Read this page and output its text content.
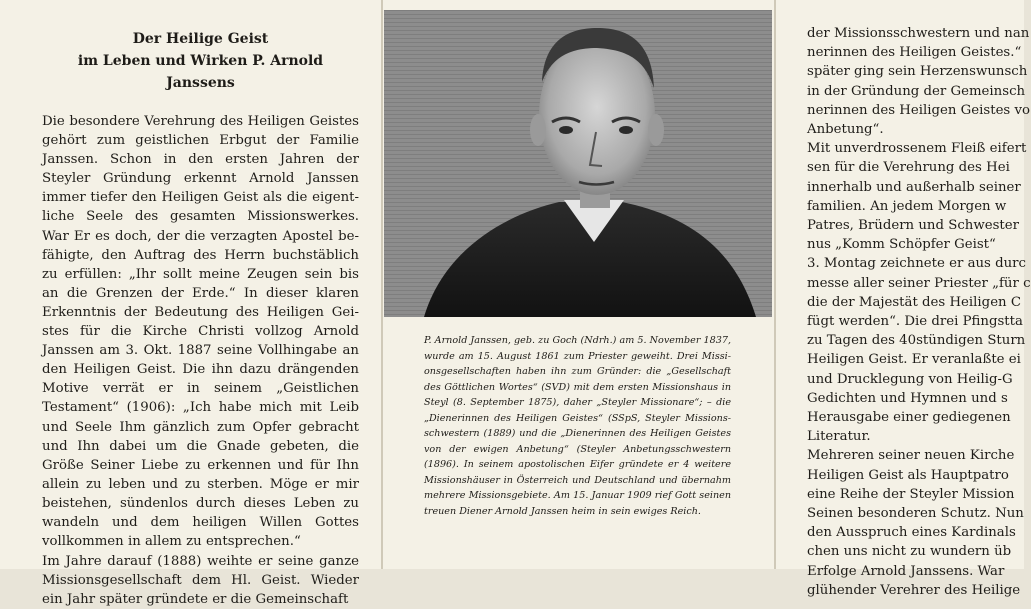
Der Heilige Geist

im Leben und Wirken P. Arnold Janssens

Die besondere Verehrung des Heiligen Geistes gehört zum geistlichen Erbgut der Familie Janssen. Schon in den ersten Jahren der Steyler Gründung erkennt Arnold Janssen immer tiefer den Heiligen Geist als die eigentliche Seele des gesamten Missionswerkes. War Er es doch, der die verzagten Apostel befähigte, den Auftrag des Herrn buchstäblich zu erfüllen: „Ihr sollt meine Zeugen sein bis an die Grenzen der Erde.“ In dieser klaren Erkenntnis der Bedeutung des Heiligen Geistes für die Kirche Christi vollzog Arnold Janssen am 3. Okt. 1887 seine Vollhingabe an den Heiligen Geist. Die ihn dazu drängenden Motive verrät er in seinem „Geistlichen Testament“ (1906): „Ich habe mich mit Leib und Seele Ihm gänzlich zum Opfer gebracht und Ihn dabei um die Gnade gebeten, die Größe Seiner Liebe zu erkennen und für Ihn allein zu leben und zu sterben. Möge er mir beistehen, sündenlos durch dieses Leben zu wandeln und dem heiligen Willen Gottes vollkommen in allem zu entsprechen.“

Im Jahre darauf (1888) weihte er seine ganze Missionsgesellschaft dem Hl. Geist. Wieder ein Jahr später gründete er die Gemeinschaft

P. Arnold Janssen, geb. zu Goch (Ndrh.) am 5. November 1837, wurde am 15. August 1861 zum Priester geweiht. Drei Missionsgesellschaften haben ihn zum Gründer: die „Gesellschaft des Göttlichen Wortes“ (SVD) mit dem ersten Missionshaus in Steyl (8. September 1875), daher „Steyler Missionare“; – die „Dienerinnen des Heiligen Geistes“ (SSpS, Steyler Missionsschwestern (1889) und die „Dienerinnen des Heiligen Geistes von der ewigen Anbetung“ (Steyler Anbetungsschwestern (1896). In seinem apostolischen Eifer gründete er 4 weitere Missionshäuser in Österreich und Deutschland und übernahm mehrere Missionsgebiete. Am 15. Januar 1909 rief Gott seinen treuen Diener Arnold Janssen heim in sein ewiges Reich.

der Missionsschwestern und nan
nerinnen des Heiligen Geistes.“
später ging sein Herzenswunsch
in der Gründung der Gemeinsch
nerinnen des Heiligen Geistes vo
Anbetung“.
Mit unverdrossenem Fleiß eifert
sen für die Verehrung des Hei
innerhalb und außerhalb seiner
familien. An jedem Morgen w
Patres, Brüdern und Schwester
nus „Komm Schöpfer Geist“
3. Montag zeichnete er aus durc
messe aller seiner Priester „für c
die der Majestät des Heiligen C
fügt werden“. Die drei Pfingstta
zu Tagen des 40stündigen Sturn
Heiligen Geist. Er veranlaßte ei
und Drucklegung von Heilig-G
Gedichten und Hymnen und s
Herausgabe einer gediegenen
Literatur.
Mehreren seiner neuen Kirche
Heiligen Geist als Hauptpatro
eine Reihe der Steyler Mission
Seinen besonderen Schutz. Nun
den Ausspruch eines Kardinals
chen uns nicht zu wundern üb
Erfolge Arnold Janssens. War
glühender Verehrer des Heilige
